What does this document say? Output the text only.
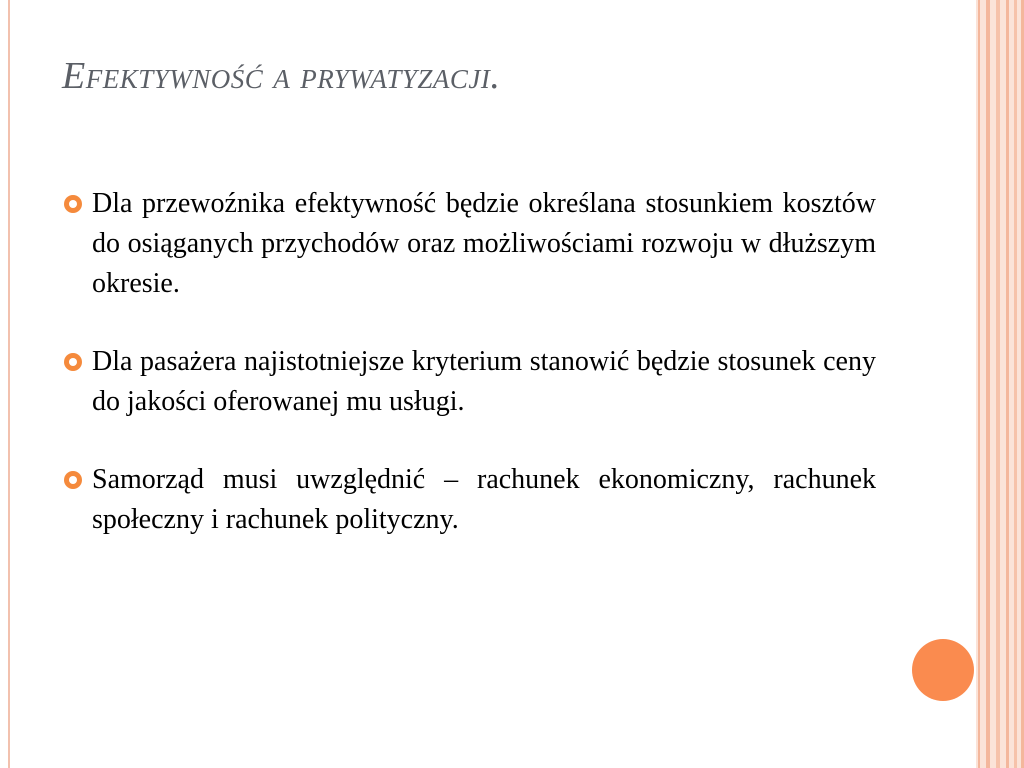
Efektywność a prywatyzacji.
Dla przewoźnika efektywność będzie określana stosunkiem kosztów do osiąganych przychodów oraz możliwościami rozwoju w dłuższym okresie.
Dla pasażera najistotniejsze kryterium stanowić będzie stosunek ceny do jakości oferowanej mu usługi.
Samorząd musi uwzględnić – rachunek ekonomiczny, rachunek społeczny i rachunek polityczny.
